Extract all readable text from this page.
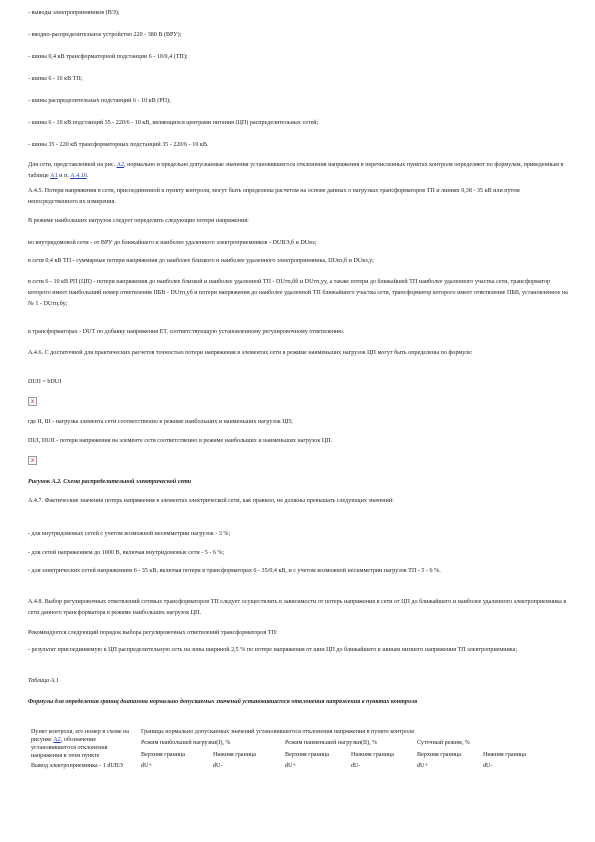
- выводы электроприемников (ВЭ);
- вводно-распределительное устройство 220 - 380 В (ВРУ);
- шины 0,4 кВ трансформаторной подстанции 6 - 10/0,4 (ТП);
- шины 6 - 10 кВ ТП;
- шины распределительных подстанций 6 - 10 кВ (РП);
- шины 6 - 10 кВ подстанций 35 - 220/6 - 10 кВ, являющихся центрами питания (ЦП) распределительных сетей;
- шины 35 - 220 кВ трансформаторных подстанций 35 - 220/6 - 10 кВ.
Для сети, представленной на рис. А2, нормально и предельно допускаемые значения установившегося отклонения напряжения в перечисленных пунктах контроля определяют по формулам, приведенным в таблице А1 и п. А.4.10.
А.4.5. Потери напряжения в сети, присоединенной к пункту контроля, могут быть определены расчетом на основе данных о нагрузках трансформаторов ТП и линиях 0,38 - 35 кВ или путем непосредственного их измерения.
В режиме наибольших нагрузок следует определить следующие потери напряжения:
во внутридомовой сети - от ВРУ до ближайшего и наиболее удаленного электроприемников - DUВЭ,б и DUвэ;
в сети 0,4 кВ ТП - суммарные потери напряжения до наиболее близкого и наиболее удаленного электроприемника, DUвэ,б и DUвэ,у;
в сети 6 - 10 кВ РП (ЦП) - потери напряжения до наиболее близкой и наиболее удаленной ТП - DUтп,бб и DUтп,уу, а также потери до ближайшей ТП наиболее удаленного участка сети, трансформатор которого имеет наибольший номер ответвления ПБВ - DUтп,уб и потери напряжения до наиболее удаленной ТП ближайшего участка сети, трансформатор которого имеет ответвление ПБВ, установленное на № 1 - DUтп,бу;
в трансформаторах - DUТ по добавку напряжения ЕТ, соответствующую установленному регулировочному ответвлению.
А.4.6. С достаточной для практических расчетов точностью потери напряжения в элементах сети в режиме наименьших нагрузок ЦП могут быть определены по формуле:
DUII = bDUI
x
где II, III - нагрузка элемента сети соответственно в режиме наибольших и наименьших нагрузок ЦП;
DUI, DUII - потери напряжения на элементе сети соответственно в режиме наибольших и наименьших нагрузок ЦП.
x
Рисунок А.2. Схема распределительной электрической сети
А.4.7. Фактические значения потерь напряжения в элементах электрической сети, как правило, не должны превышать следующих значений:
- для внутридомовых сетей с учетом возможной несимметрии нагрузок - 3 %;
- для сетей напряжением до 1000 В, включая внутридомовые сети - 5 - 6 %;
- для электрических сетей напряжением 6 - 35 кВ, включая потери в трансформаторах 6 - 35/0,4 кВ, и с учетом возможной несимметрии нагрузок ТП - 5 - 6 %.
А.4.8. Выбор регулировочных ответвлений сетевых трансформаторов ТП следует осуществлять в зависимости от потерь напряжения в сети от ЦП до ближайшего и наиболее удаленного электроприемника в сети данного трансформатора в режиме наибольших нагрузок ЦП.
Рекомендуется следующий порядок выбора регулировочных ответвлений трансформаторов ТП:
- результат присоединяемую к ЦП распределительную сеть на зоны шириной 2,5 % по потере напряжения от шин ЦП до ближайшего к шинам низшего напряжения ТП электроприемника;
Таблица А.1
Формулы для определения границ диапазона нормально допускаемых значений установившегося отклонения напряжения в пунктах контроля
Пункт контроля, его номер в схеме на рисунке А2, обозначение установившегося отклонения напряжения в этом пункте	Границы нормально допускаемых значений установившегося отклонения напряжения в пункте контроля					
	Режим наибольшей нагрузки(I), %		Режим наименьшей нагрузки(II), %		Суточный режим, %	
	Верхняя граница	Нижняя граница	Верхняя граница	Нижняя граница	Верхняя граница	Нижняя граница
Вывод электроприемника - 1 dUВЭ	dU+	dU-	dU+	dU-	dU+	dU-
